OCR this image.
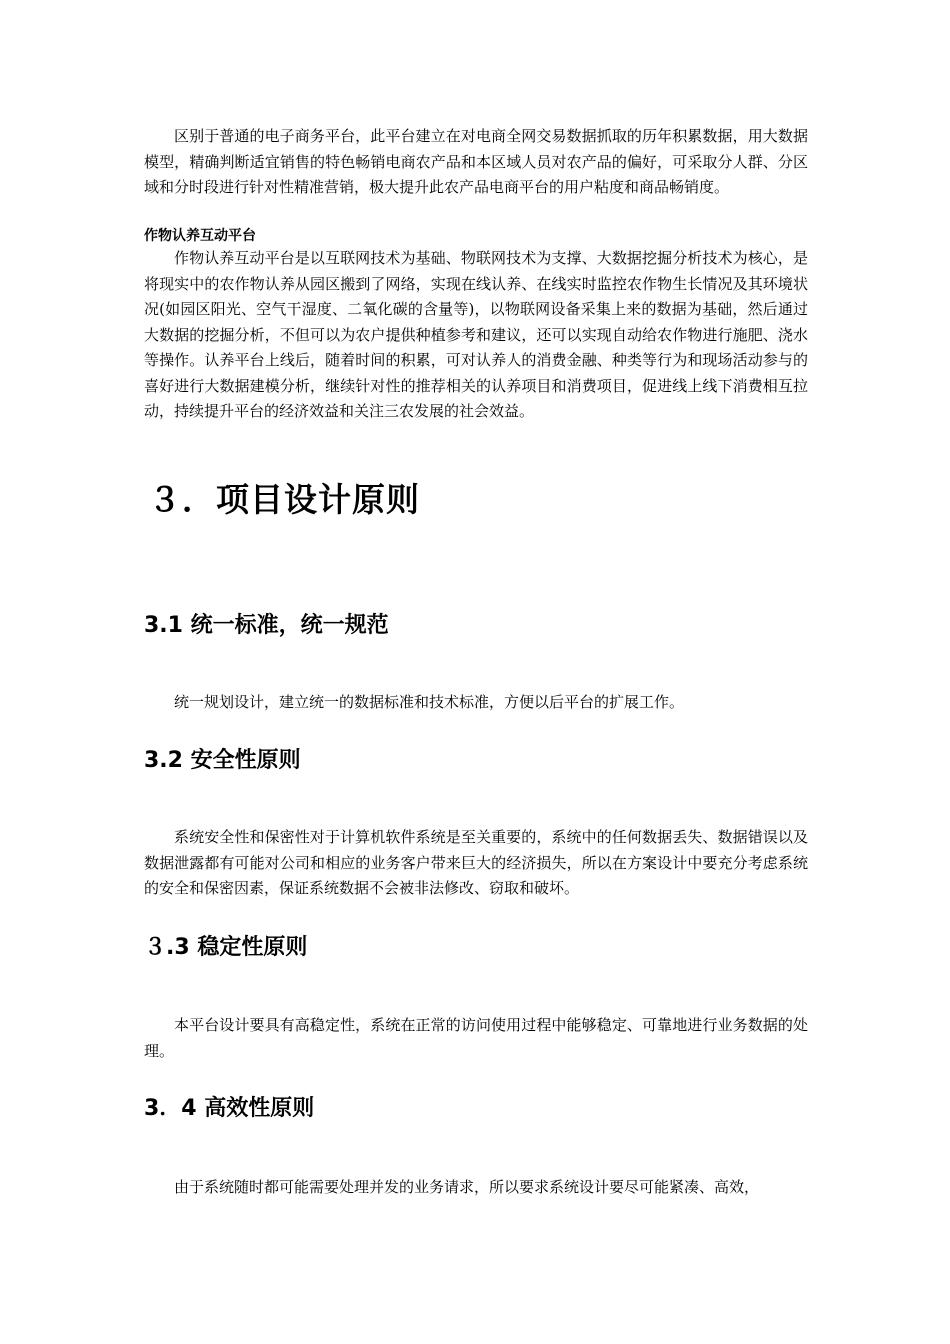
区别于普通的电子商务平台，此平台建立在对电商全网交易数据抓取的历年积累数据，用大数据模型，精确判断适宜销售的特色畅销电商农产品和本区域人员对农产品的偏好，可采取分人群、分区域和分时段进行针对性精准营销，极大提升此农产品电商平台的用户粘度和商品畅销度。

作物认养互动平台

作物认养互动平台是以互联网技术为基础、物联网技术为支撑、大数据挖掘分析技术为核心，是将现实中的农作物认养从园区搬到了网络，实现在线认养、在线实时监控农作物生长情况及其环境状况(如园区阳光、空气干湿度、二氧化碳的含量等)，以物联网设备采集上来的数据为基础，然后通过大数据的挖掘分析，不但可以为农户提供种植参考和建议，还可以实现自动给农作物进行施肥、浇水等操作。认养平台上线后，随着时间的积累，可对认养人的消费金融、种类等行为和现场活动参与的喜好进行大数据建模分析，继续针对性的推荐相关的认养项目和消费项目，促进线上线下消费相互拉动，持续提升平台的经济效益和关注三农发展的社会效益。

３．项目设计原则
3.1 统一标准，统一规范

统一规划设计，建立统一的数据标准和技术标准，方便以后平台的扩展工作。

3.2 安全性原则

系统安全性和保密性对于计算机软件系统是至关重要的，系统中的任何数据丢失、数据错误以及数据泄露都有可能对公司和相应的业务客户带来巨大的经济损失，所以在方案设计中要充分考虑系统的安全和保密因素，保证系统数据不会被非法修改、窃取和破坏。

３.3 稳定性原则

本平台设计要具有高稳定性，系统在正常的访问使用过程中能够稳定、可靠地进行业务数据的处理。

3．4 高效性原则

由于系统随时都可能需要处理并发的业务请求，所以要求系统设计要尽可能紧凑、高效，
